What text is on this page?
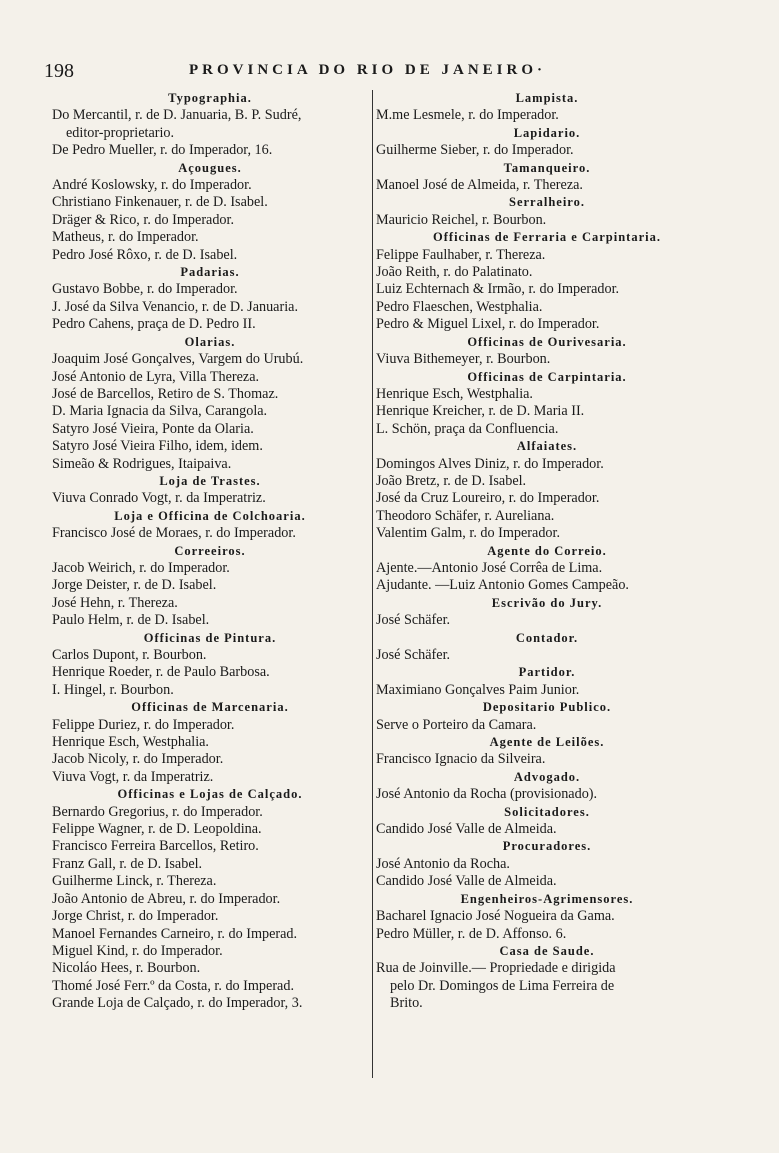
198	PROVINCIA DO RIO DE JANEIRO·
Typographia.
Do Mercantil, r. de D. Januaria, B. P. Sudré,
editor-proprietario.
De Pedro Mueller, r. do Imperador, 16.
Açougues.
André Koslowsky, r. do Imperador.
Christiano Finkenauer, r. de D. Isabel.
Dräger & Rico, r. do Imperador.
Matheus, r. do Imperador.
Pedro José Rôxo, r. de D. Isabel.
Padarias.
Gustavo Bobbe, r. do Imperador.
J. José da Silva Venancio, r. de D. Januaria.
Pedro Cahens, praça de D. Pedro II.
Olarias.
Joaquim José Gonçalves, Vargem do Urubú.
José Antonio de Lyra, Villa Thereza.
José de Barcellos, Retiro de S. Thomaz.
D. Maria Ignacia da Silva, Carangola.
Satyro José Vieira, Ponte da Olaria.
Satyro José Vieira Filho, idem, idem.
Simeão & Rodrigues, Itaipaiva.
Loja de Trastes.
Viuva Conrado Vogt, r. da Imperatriz.
Loja e Officina de Colchoaria.
Francisco José de Moraes, r. do Imperador.
Correeiros.
Jacob Weirich, r. do Imperador.
Jorge Deister, r. de D. Isabel.
José Hehn, r. Thereza.
Paulo Helm, r. de D. Isabel.
Officinas de Pintura.
Carlos Dupont, r. Bourbon.
Henrique Roeder, r. de Paulo Barbosa.
I. Hingel, r. Bourbon.
Officinas de Marcenaria.
Felippe Duriez, r. do Imperador.
Henrique Esch, Westphalia.
Jacob Nicoly, r. do Imperador.
Viuva Vogt, r. da Imperatriz.
Officinas e Lojas de Calçado.
Bernardo Gregorius, r. do Imperador.
Felippe Wagner, r. de D. Leopoldina.
Francisco Ferreira Barcellos, Retiro.
Franz Gall, r. de D. Isabel.
Guilherme Linck, r. Thereza.
João Antonio de Abreu, r. do Imperador.
Jorge Christ, r. do Imperador.
Manoel Fernandes Carneiro, r. do Imperad.
Miguel Kind, r. do Imperador.
Nicoláo Hees, r. Bourbon.
Thomé José Ferr.º da Costa, r. do Imperad.
Grande Loja de Calçado, r. do Imperador, 3.
Lampista.
M.me Lesmele, r. do Imperador.
Lapidario.
Guilherme Sieber, r. do Imperador.
Tamanqueiro.
Manoel José de Almeida, r. Thereza.
Serralheiro.
Mauricio Reichel, r. Bourbon.
Officinas de Ferraria e Carpintaria.
Felippe Faulhaber, r. Thereza.
João Reith, r. do Palatinato.
Luiz Echternach & Irmão, r. do Imperador.
Pedro Flaeschen, Westphalia.
Pedro & Miguel Lixel, r. do Imperador.
Officinas de Ourivesaria.
Viuva Bithemeyer, r. Bourbon.
Officinas de Carpintaria.
Henrique Esch, Westphalia.
Henrique Kreicher, r. de D. Maria II.
L. Schön, praça da Confluencia.
Alfaiates.
Domingos Alves Diniz, r. do Imperador.
João Bretz, r. de D. Isabel.
José da Cruz Loureiro, r. do Imperador.
Theodoro Schäfer, r. Aureliana.
Valentim Galm, r. do Imperador.
Agente do Correio.
Ajente.—Antonio José Corrêa de Lima.
Ajudante. —Luiz Antonio Gomes Campeão.
Escrivão do Jury.
José Schäfer.
Contador.
José Schäfer.
Partidor.
Maximiano Gonçalves Paim Junior.
Depositario Publico.
Serve o Porteiro da Camara.
Agente de Leilões.
Francisco Ignacio da Silveira.
Advogado.
José Antonio da Rocha (provisionado).
Solicitadores.
Candido José Valle de Almeida.
Procuradores.
José Antonio da Rocha.
Candido José Valle de Almeida.
Engenheiros-Agrimensores.
Bacharel Ignacio José Nogueira da Gama.
Pedro Müller, r. de D. Affonso. 6.
Casa de Saude.
Rua de Joinville.— Propriedade e dirigida
pelo Dr. Domingos de Lima Ferreira de
Brito.
